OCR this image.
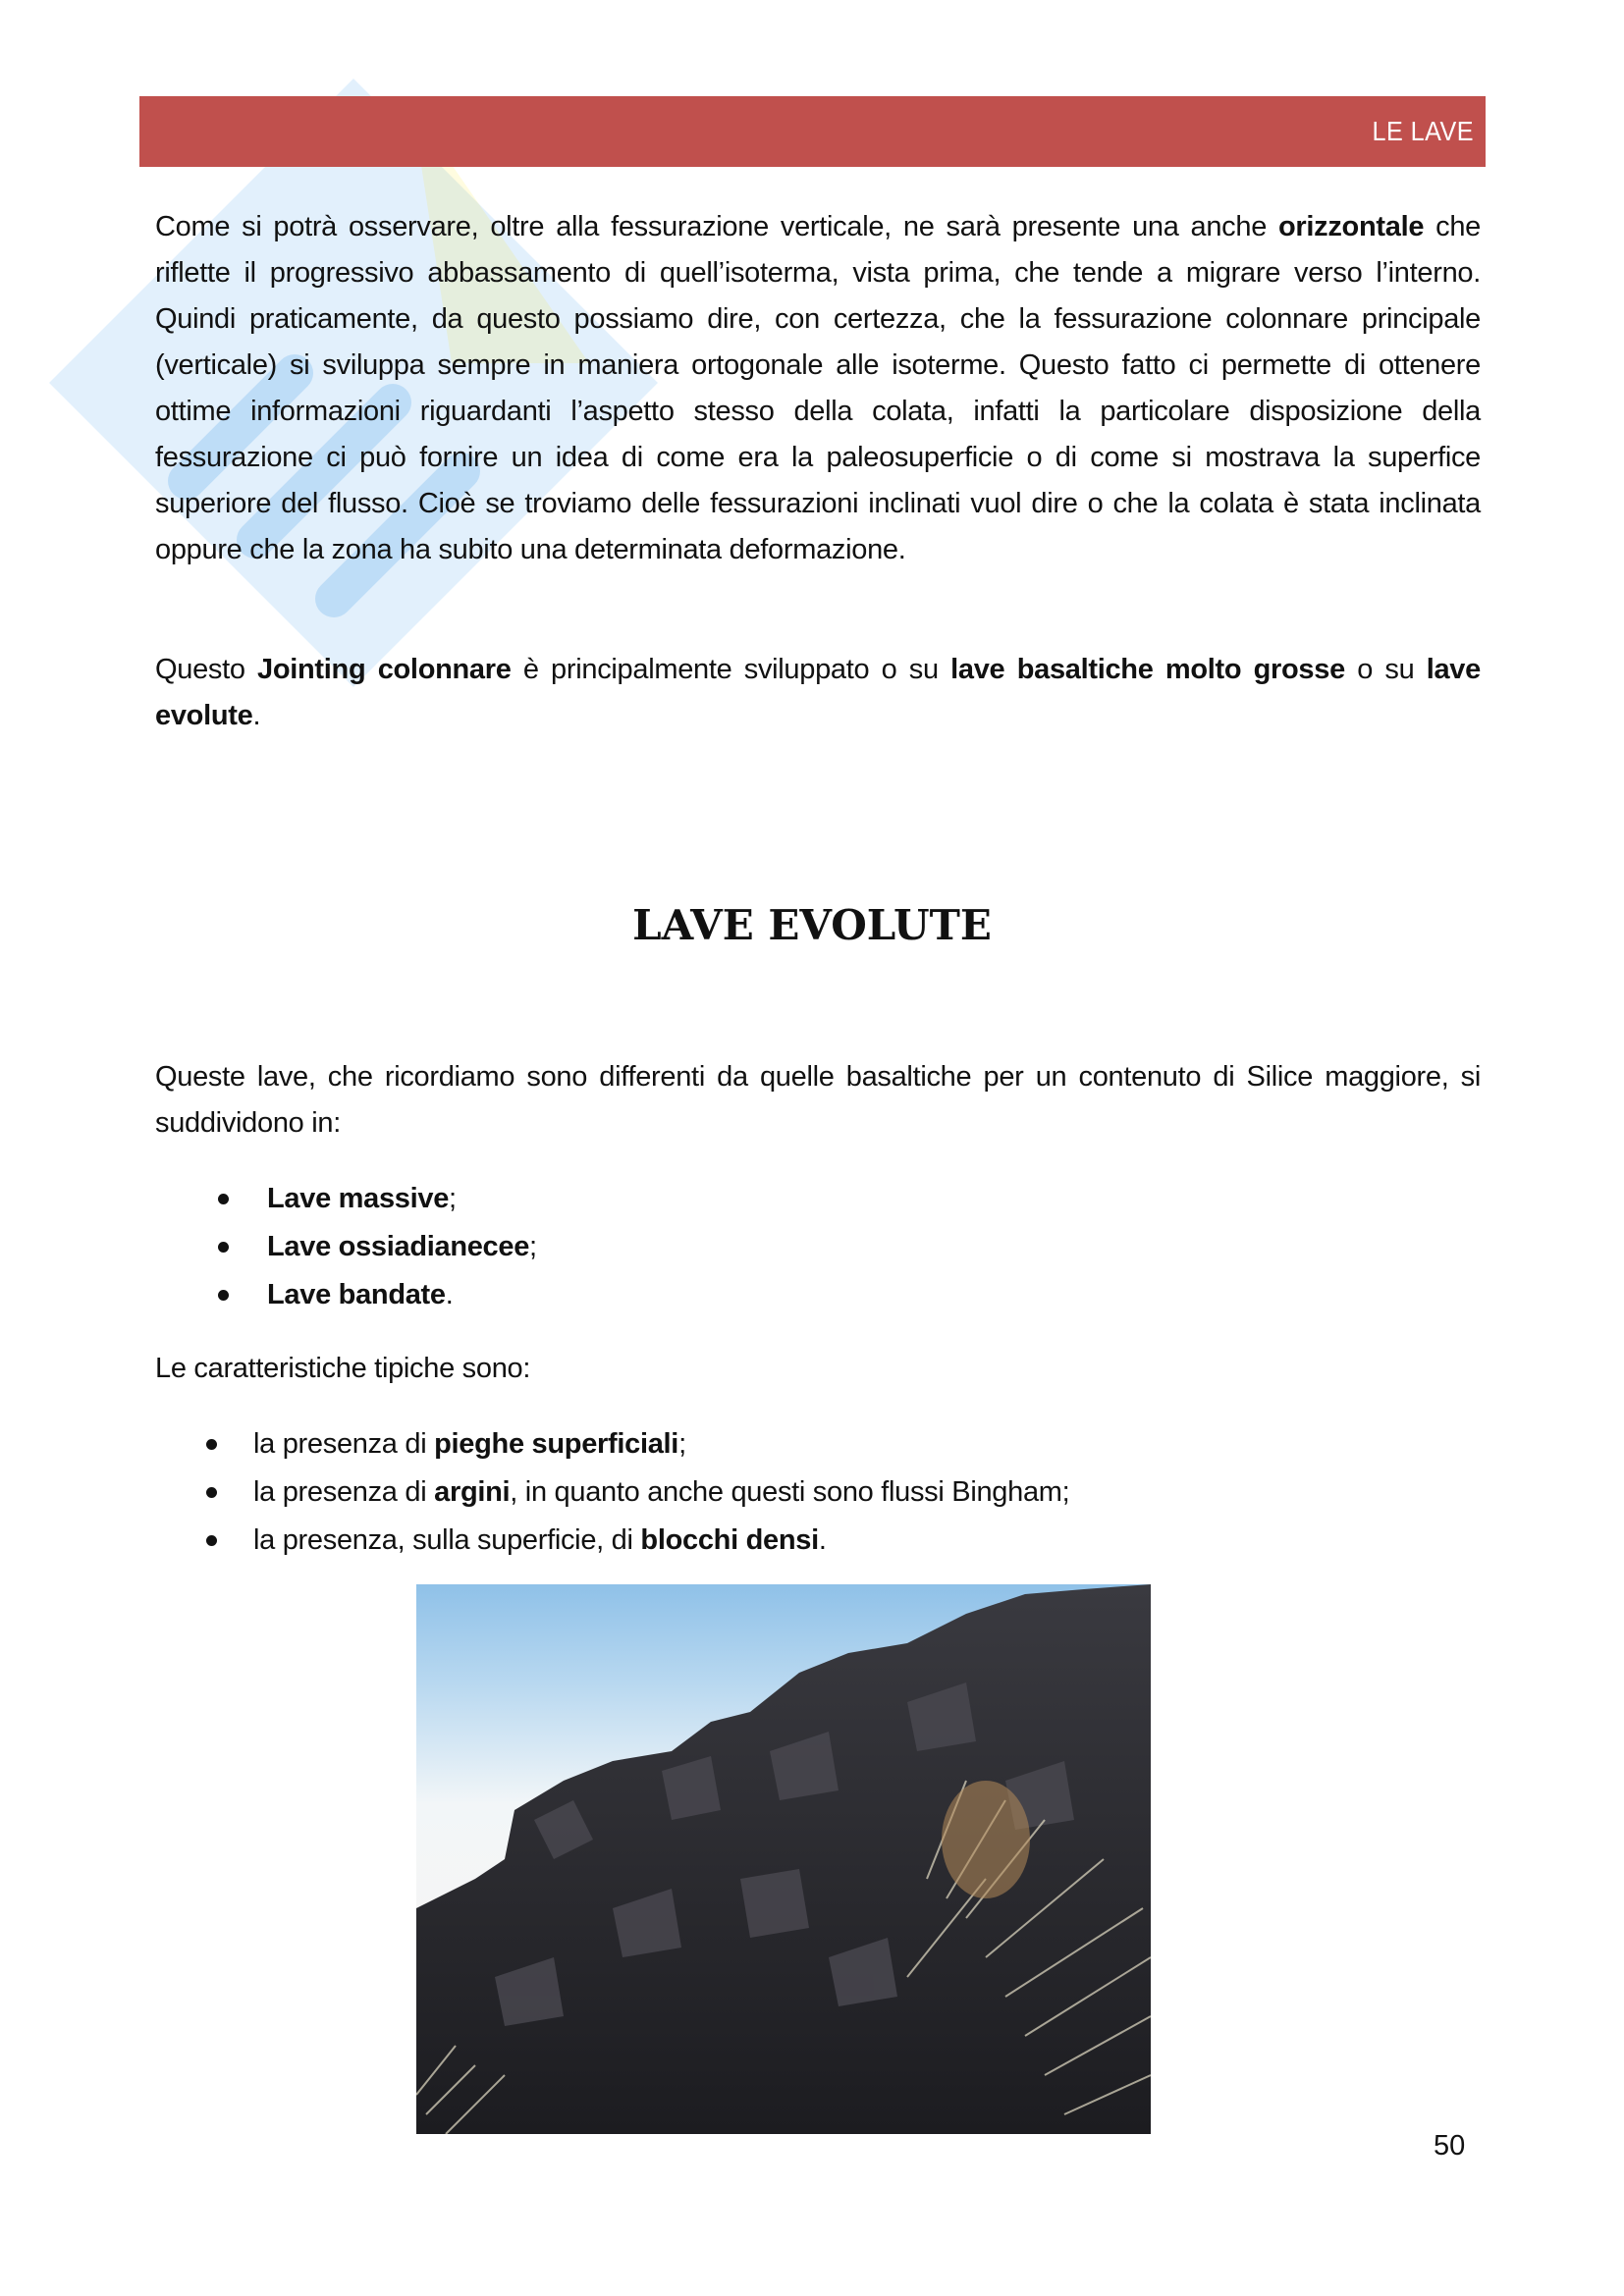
LE LAVE

Come si potrà osservare, oltre alla fessurazione verticale, ne sarà presente una anche orizzontale che riflette il progressivo abbassamento di quell’isoterma, vista prima, che tende a migrare verso l’interno. Quindi praticamente, da questo possiamo dire, con certezza, che la fessurazione colonnare principale (verticale) si sviluppa sempre in maniera ortogonale alle isoterme. Questo fatto ci permette di ottenere ottime informazioni riguardanti l’aspetto stesso della colata, infatti la particolare disposizione della fessurazione ci può fornire un idea di come era la paleosuperficie o di come si mostrava la superfice superiore del flusso. Cioè se troviamo delle fessurazioni inclinati vuol dire o che la colata è stata inclinata oppure che la zona ha subito una determinata deformazione.

Questo Jointing colonnare è principalmente sviluppato o su lave basaltiche molto grosse o su lave evolute.

LAVE EVOLUTE

Queste lave, che ricordiamo sono differenti da quelle basaltiche per un contenuto di Silice maggiore, si suddividono in:

Lave massive;
Lave ossiadianecee;
Lave bandate.

Le caratteristiche tipiche sono:

la presenza di pieghe superficiali;
la presenza di argini, in quanto anche questi sono flussi Bingham;
la presenza, sulla superficie, di blocchi densi.
50
